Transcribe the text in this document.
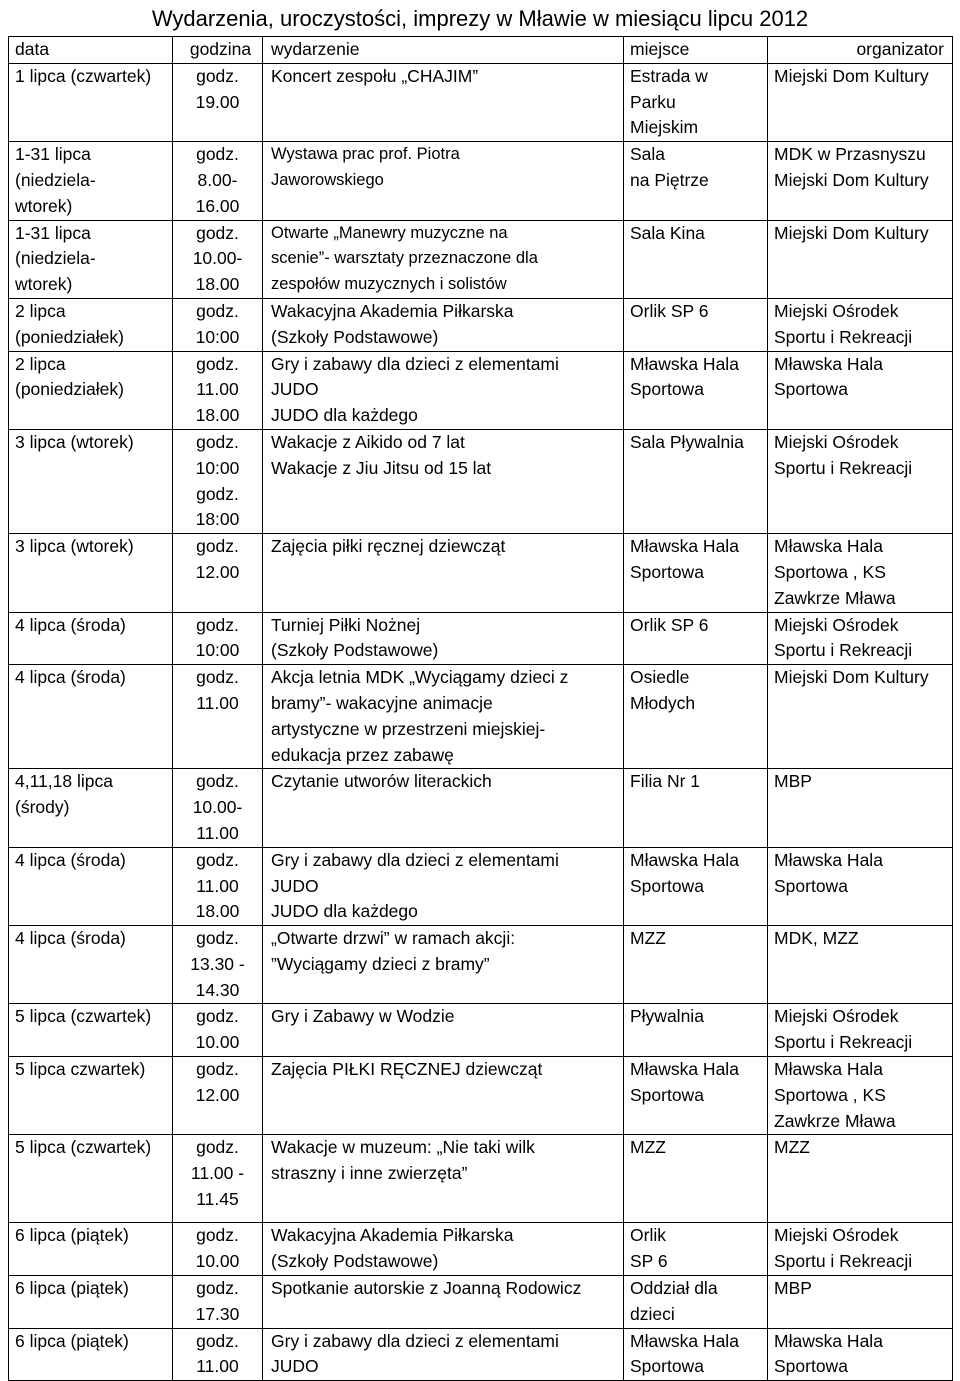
Wydarzenia, uroczystości, imprezy w Mławie w miesiącu lipcu 2012
data	godzina	wydarzenie	miejsce	organizator

1 lipca (czwartek)	godz.
19.00	Koncert zespołu „CHAJIM”	Estrada w
Parku
Miejskim	Miejski Dom Kultury

1-31 lipca
(niedziela-
wtorek)	godz.
8.00-
16.00	Wystawa prac prof. Piotra
Jaworowskiego	Sala
na Piętrze	MDK w Przasnyszu
Miejski Dom Kultury

1-31 lipca
(niedziela-
wtorek)	godz.
10.00-
18.00	Otwarte „Manewry muzyczne na
scenie”- warsztaty przeznaczone dla
zespołów muzycznych i solistów	Sala Kina	Miejski Dom Kultury

2 lipca
(poniedziałek)	godz.
10:00	Wakacyjna Akademia Piłkarska
(Szkoły Podstawowe)	Orlik SP 6	Miejski Ośrodek
Sportu i Rekreacji

2 lipca
(poniedziałek)	godz.
11.00
18.00	Gry i zabawy dla dzieci z elementami
JUDO
JUDO dla każdego	Mławska Hala
Sportowa	Mławska Hala
Sportowa

3 lipca (wtorek)	godz.
10:00
godz.
18:00	Wakacje z Aikido od 7 lat
Wakacje z Jiu Jitsu od 15 lat	Sala Pływalnia	Miejski Ośrodek
Sportu i Rekreacji

3 lipca (wtorek)	godz.
12.00	Zajęcia piłki ręcznej dziewcząt	Mławska Hala
Sportowa	Mławska Hala
Sportowa , KS
Zawkrze Mława

4 lipca (środa)	godz.
10:00	Turniej Piłki Nożnej
(Szkoły Podstawowe)	Orlik SP 6	Miejski Ośrodek
Sportu i Rekreacji

4 lipca (środa)	godz.
11.00	Akcja letnia MDK „Wyciągamy dzieci z
bramy”- wakacyjne animacje
artystyczne w przestrzeni miejskiej-
edukacja przez zabawę	Osiedle
Młodych	Miejski Dom Kultury

4,11,18 lipca
(środy)	godz.
10.00-
11.00	Czytanie utworów literackich	Filia Nr 1	MBP

4 lipca (środa)	godz.
11.00
18.00	Gry i zabawy dla dzieci z elementami
JUDO
JUDO dla każdego	Mławska Hala
Sportowa	Mławska Hala
Sportowa

4 lipca (środa)	godz.
13.30 -
14.30	„Otwarte drzwi” w ramach akcji:
”Wyciągamy dzieci z bramy”	MZZ	MDK, MZZ

5 lipca (czwartek)	godz.
10.00	Gry i Zabawy w Wodzie	Pływalnia	Miejski Ośrodek
Sportu i Rekreacji

5 lipca czwartek)	godz.
12.00	Zajęcia PIŁKI RĘCZNEJ dziewcząt	Mławska Hala
Sportowa	Mławska Hala
Sportowa , KS
Zawkrze Mława

5 lipca (czwartek)	godz.
11.00 -
11.45	Wakacje w muzeum: „Nie taki wilk
straszny i inne zwierzęta”	MZZ	MZZ

6 lipca (piątek)	godz.
10.00	Wakacyjna Akademia Piłkarska
(Szkoły Podstawowe)	Orlik
SP 6	Miejski Ośrodek
Sportu i Rekreacji

6 lipca (piątek)	godz.
17.30	Spotkanie autorskie z Joanną Rodowicz	Oddział dla
dzieci	MBP

6 lipca (piątek)	godz.
11.00	Gry i zabawy dla dzieci z elementami
JUDO	Mławska Hala
Sportowa	Mławska Hala
Sportowa
